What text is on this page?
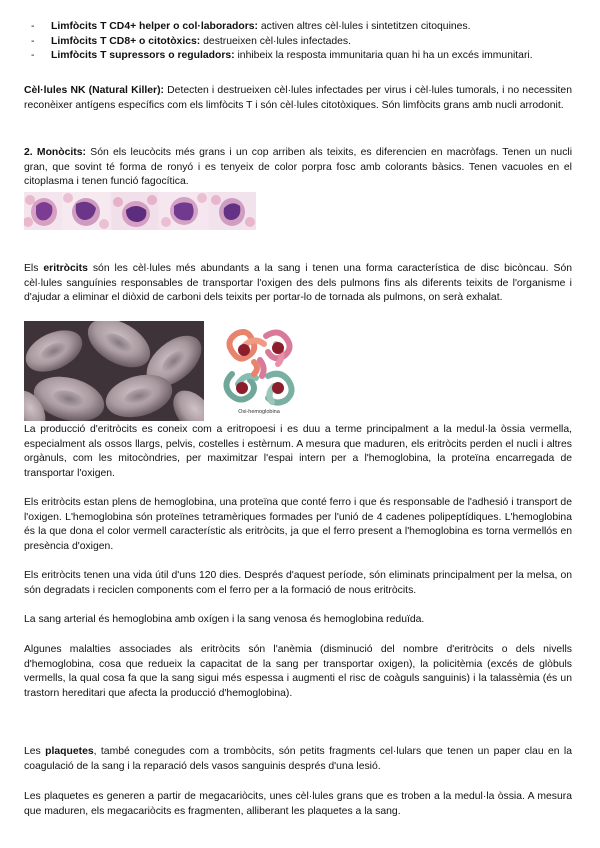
- Limfòcits T CD4+ helper o col·laboradors: activen altres cèl·lules i sintetitzen citoquines.
- Limfòcits T CD8+ o citotòxics: destrueixen cèl·lules infectades.
- Limfòcits T supressors o reguladors: inhibeix la resposta immunitaria quan hi ha un excés immunitari.

Cèl·lules NK (Natural Killer): Detecten i destrueixen cèl·lules infectades per virus i cèl·lules tumorals, i no necessiten reconèixer antígens específics com els limfòcits T i són cèl·lules citotòxiques. Són limfòcits grans amb nucli arrodonit.

2. Monòcits: Són els leucòcits més grans i un cop arriben als teixits, es diferencien en macròfags. Tenen un nucli gran, que sovint té forma de ronyó i es tenyeix de color porpra fosc amb colorants bàsics. Tenen vacuoles en el citoplasma i tenen funció fagocítica.

Els eritròcits són les cèl·lules més abundants a la sang i tenen una forma característica de disc bicòncau. Són cèl·lules sanguínies responsables de transportar l'oxigen des dels pulmons fins als diferents teixits de l'organisme i d'ajudar a eliminar el diòxid de carboni dels teixits per portar-lo de tornada als pulmons, on serà exhalat.

Oxi-hemoglobina

La producció d'eritròcits es coneix com a eritropoesi i es duu a terme principalment a la medul·la òssia vermella, especialment als ossos llargs, pelvis, costelles i estèrnum. A mesura que maduren, els eritròcits perden el nucli i altres orgànuls, com les mitocòndries, per maximitzar l'espai intern per a l'hemoglobina, la proteïna encarregada de transportar l'oxigen.

Els eritròcits estan plens de hemoglobina, una proteïna que conté ferro i que és responsable de l'adhesió i transport de l'oxigen. L'hemoglobina són proteïnes tetramèriques formades per l'unió de 4 cadenes polipeptídiques. L'hemoglobina és la que dona el color vermell característic als eritròcits, ja que el ferro present a l'hemoglobina es torna vermellós en presència d'oxigen.

Els eritròcits tenen una vida útil d'uns 120 dies. Després d'aquest període, són eliminats principalment per la melsa, on són degradats i reciclen components com el ferro per a la formació de nous eritròcits.

La sang arterial és hemoglobina amb oxígen i la sang venosa és hemoglobina reduïda.

Algunes malalties associades als eritròcits són l'anèmia (disminució del nombre d'eritròcits o dels nivells d'hemoglobina, cosa que redueix la capacitat de la sang per transportar oxigen), la policitèmia (excés de glòbuls vermells, la qual cosa fa que la sang sigui més espessa i augmenti el risc de coàguls sanguinis) i la talassèmia (és un trastorn hereditari que afecta la producció d'hemoglobina).

Les plaquetes, també conegudes com a trombòcits, són petits fragments cel·lulars que tenen un paper clau en la coagulació de la sang i la reparació dels vasos sanguinis després d'una lesió.

Les plaquetes es generen a partir de megacariòcits, unes cèl·lules grans que es troben a la medul·la òssia. A mesura que maduren, els megacariòcits es fragmenten, alliberant les plaquetes a la sang.
